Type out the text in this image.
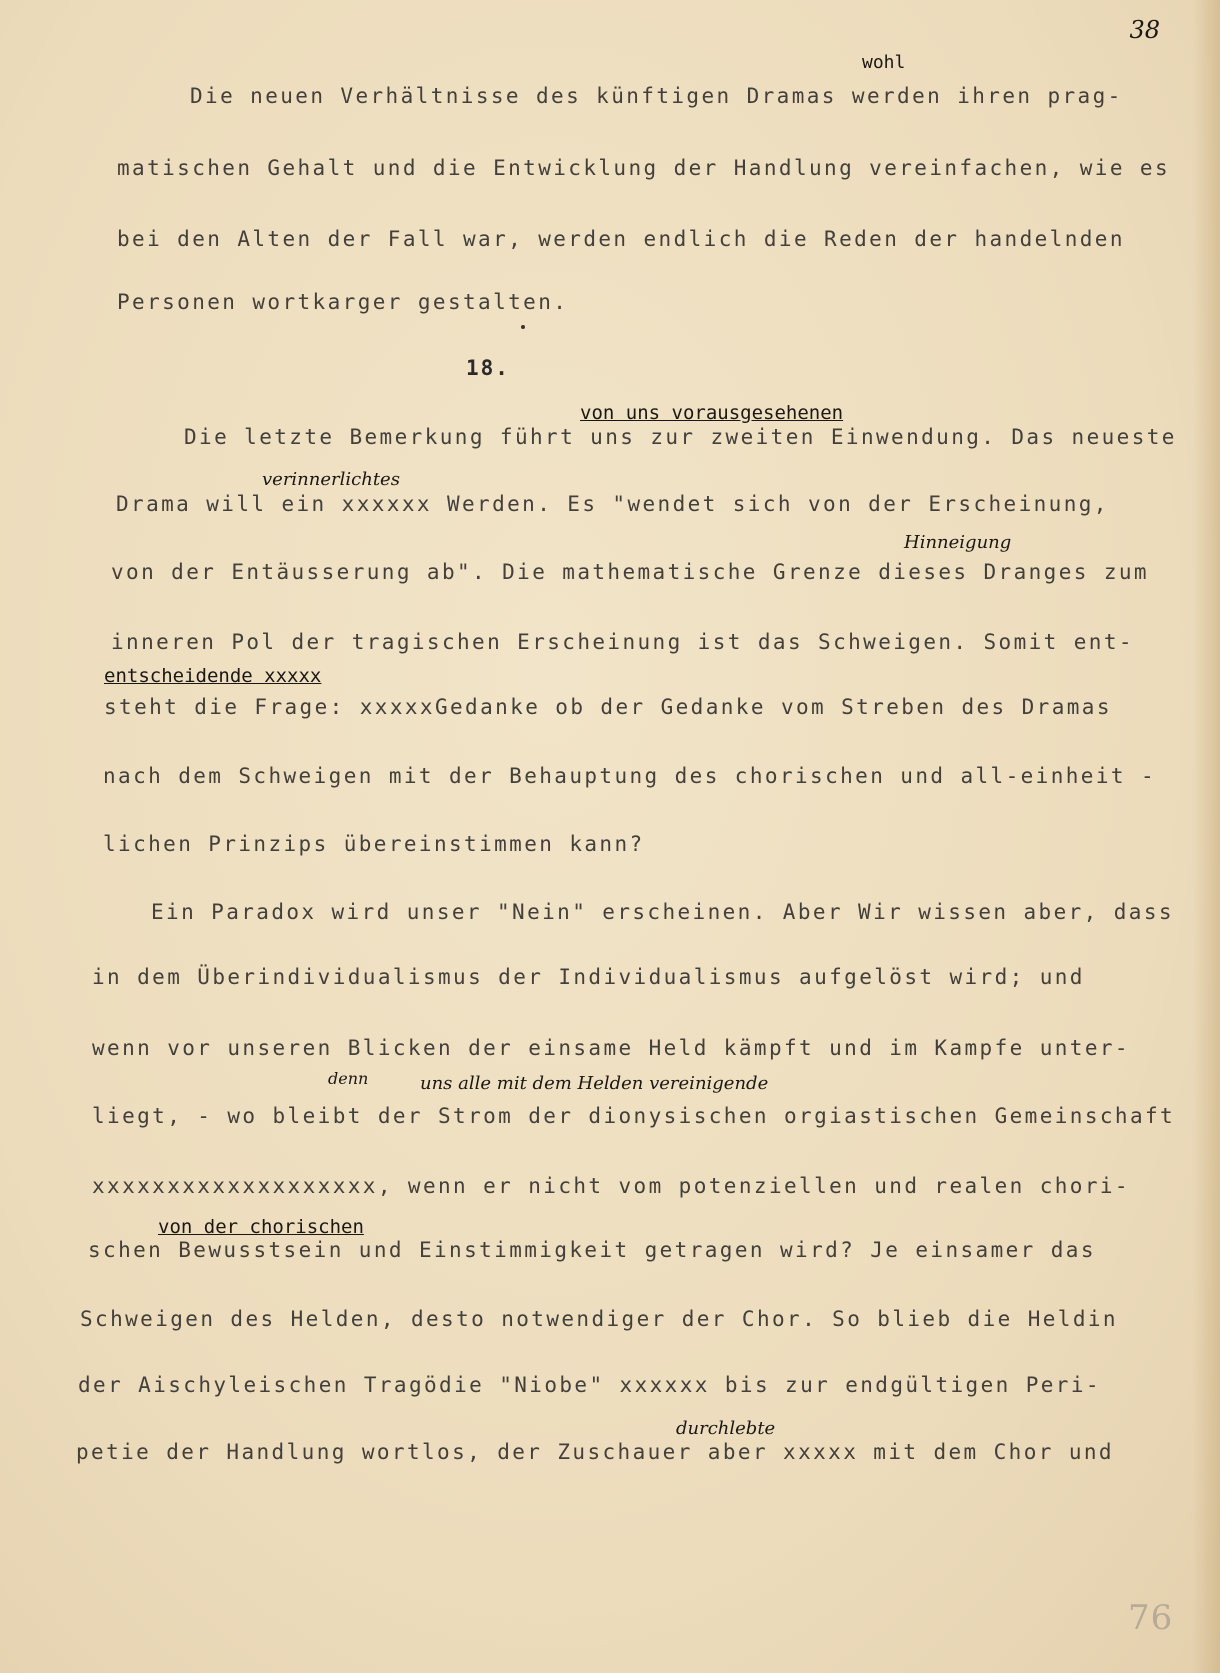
38
Die neuen Verhältnisse des künftigen Dramas werden ihren prag-
wohl
matischen Gehalt und die Entwicklung der Handlung vereinfachen, wie es
bei den Alten der Fall war, werden endlich die Reden der handelnden
Personen wortkarger gestalten.
18.
von uns vorausgesehenen
Die letzte Bemerkung führt uns zur zweiten Einwendung. Das neueste
verinnerlichtes
Drama will ein xxxxxx Werden. Es "wendet sich von der Erscheinung,
Hinneigung
von der Entäusserung ab". Die mathematische Grenze dieses Dranges zum
inneren Pol der tragischen Erscheinung ist das Schweigen. Somit ent-
entscheidende xxxxx
steht die Frage: xxxxxGedanke ob der Gedanke vom Streben des Dramas
nach dem Schweigen mit der Behauptung des chorischen und all-einheit -
lichen Prinzips übereinstimmen kann?
Ein Paradox wird unser "Nein" erscheinen. Aber Wir wissen aber, dass
in dem Überindividualismus der Individualismus aufgelöst wird; und
wenn vor unseren Blicken der einsame Held kämpft und im Kampfe unter-
denn	uns alle mit dem Helden vereinigende
liegt, - wo bleibt der Strom der dionysischen orgiastischen Gemeinschaft
xxxxxxxxxxxxxxxxxxx, wenn er nicht vom potenziellen und realen chori-
von der chorischen
schen Bewusstsein und Einstimmigkeit getragen wird? Je einsamer das
Schweigen des Helden, desto notwendiger der Chor. So blieb die Heldin
der Aischyleischen Tragödie "Niobe" xxxxxx bis zur endgültigen Peri-
durchlebte
petie der Handlung wortlos, der Zuschauer aber xxxxx mit dem Chor und
76
